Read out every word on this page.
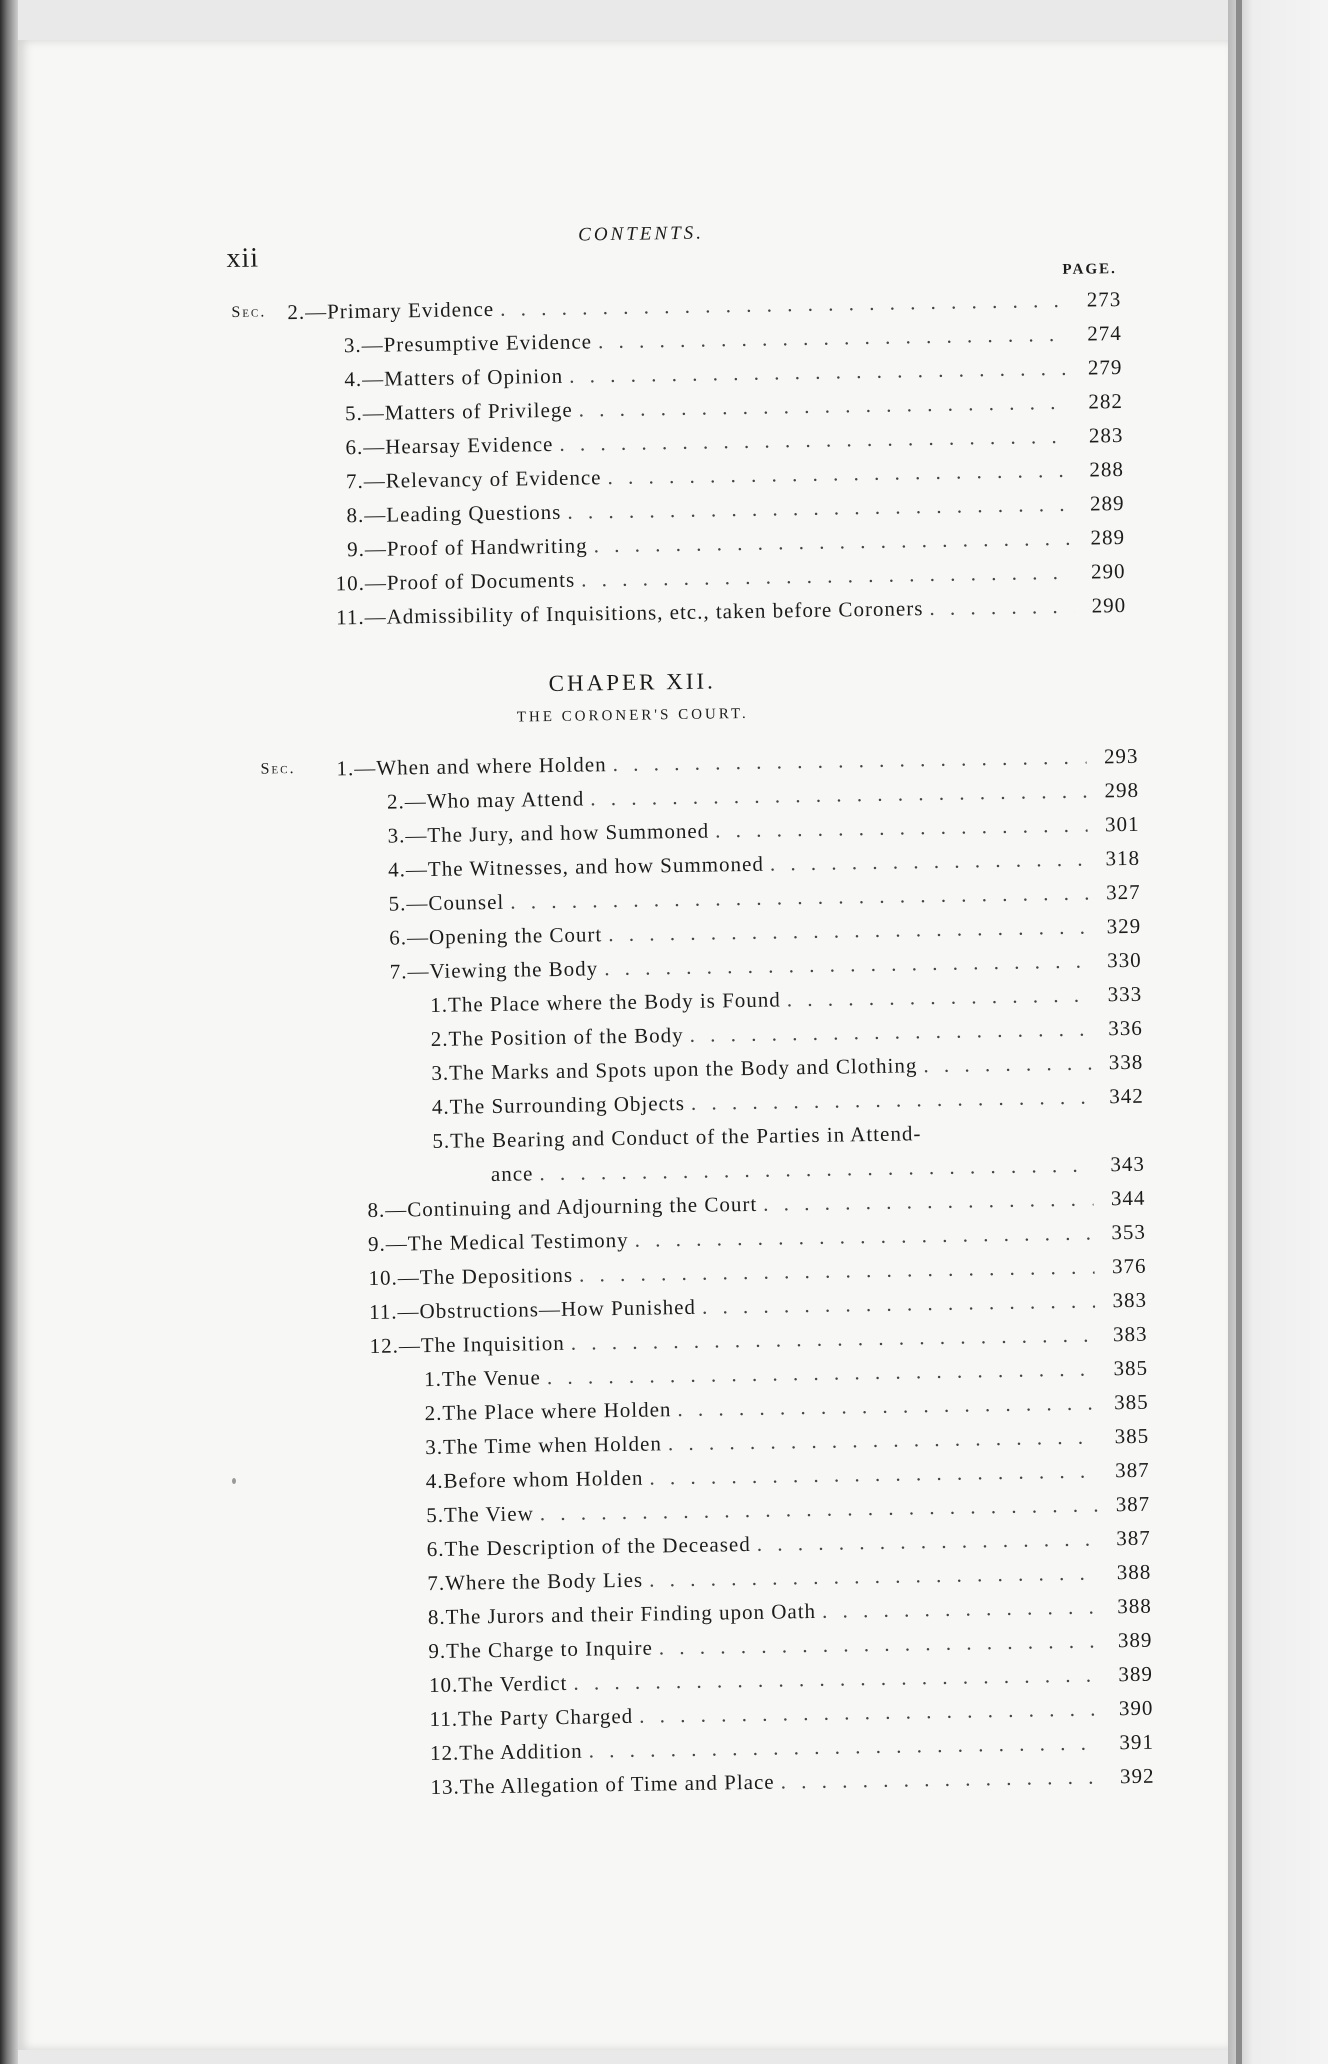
xii
CONTENTS.
PAGE.
Sec. 2. —Primary Evidence . . .	273
3. —Presumptive Evidence . . .	274
4. —Matters of Opinion . . .	279
5. —Matters of Privilege . . .	282
6. —Hearsay Evidence . . .	283
7. —Relevancy of Evidence . . .	288
8. —Leading Questions . . .	289
9. —Proof of Handwriting . . .	289
10. —Proof of Documents . . .	290
11. —Admissibility of Inquisitions, etc., taken before Coroners . . .	290
CHAPER XII.
THE CORONER'S COURT.
Sec.	1. —When and where Holden . . .	293
2. —Who may Attend . . .	298
3. —The Jury, and how Summoned . . .	301
4. —The Witnesses, and how Summoned . . .	318
5. —Counsel . . .	327
6. —Opening the Court . . .	329
7. —Viewing the Body . . .	330
1. The Place where the Body is Found . . .	333
2. The Position of the Body . . .	336
3. The Marks and Spots upon the Body and Clothing . . .	338
4. The Surrounding Objects . . .	342
5. The Bearing and Conduct of the Parties in Attend-
ance . . .	343
8. —Continuing and Adjourning the Court . . .	344
9. —The Medical Testimony . . .	353
10. —The Depositions . . .	376
11. —Obstructions—How Punished . . .	383
12. —The Inquisition . . .	383
1. The Venue . . .	385
2. The Place where Holden . . .	385
3. The Time when Holden . . .	385
4. Before whom Holden . . .	387
5. The View . . .	387
6. The Description of the Deceased . . .	387
7. Where the Body Lies . . .	388
8. The Jurors and their Finding upon Oath . . .	388
9. The Charge to Inquire . . .	389
10. The Verdict . . .	389
11. The Party Charged . . .	390
12. The Addition . . .	391
13. The Allegation of Time and Place . . .	392
